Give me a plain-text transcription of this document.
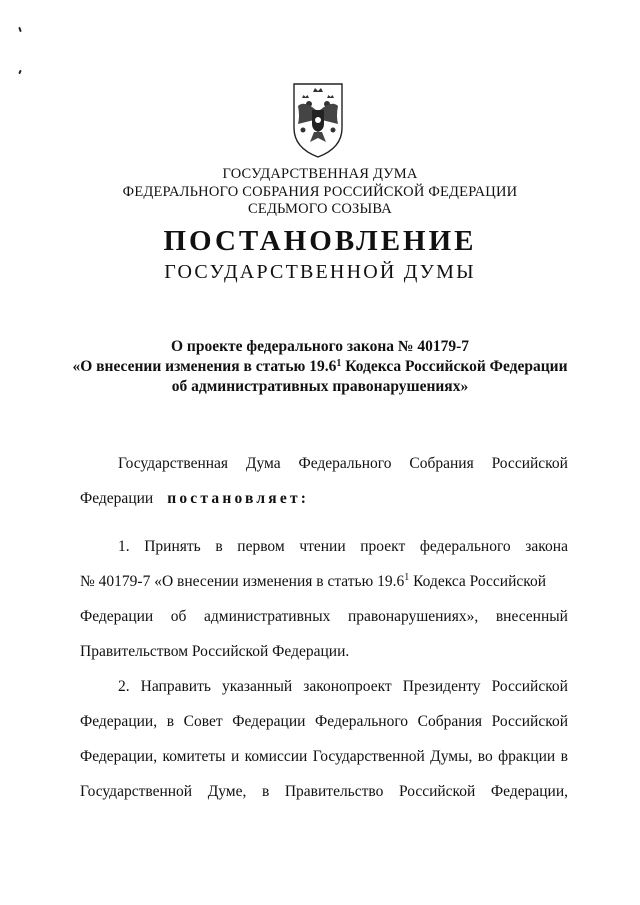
ГОСУДАРСТВЕННАЯ ДУМА
ФЕДЕРАЛЬНОГО СОБРАНИЯ РОССИЙСКОЙ ФЕДЕРАЦИИ
СЕДЬМОГО СОЗЫВА
ПОСТАНОВЛЕНИЕ
ГОСУДАРСТВЕННОЙ ДУМЫ
О проекте федерального закона № 40179-7
«О внесении изменения в статью 19.6$^1$ Кодекса Российской Федерации
об административных правонарушениях»
Государственная Дума Федерального Собрания Российской
Федерации постановляет:
1. Принять в первом чтении проект федерального закона
№ 40179-7 «О внесении изменения в статью 19.6$^1$ Кодекса Российской
Федерации об административных правонарушениях», внесенный
Правительством Российской Федерации.
2. Направить указанный законопроект Президенту Российской
Федерации, в Совет Федерации Федерального Собрания Российской
Федерации, комитеты и комиссии Государственной Думы, во фракции в
Государственной Думе, в Правительство Российской Федерации,
